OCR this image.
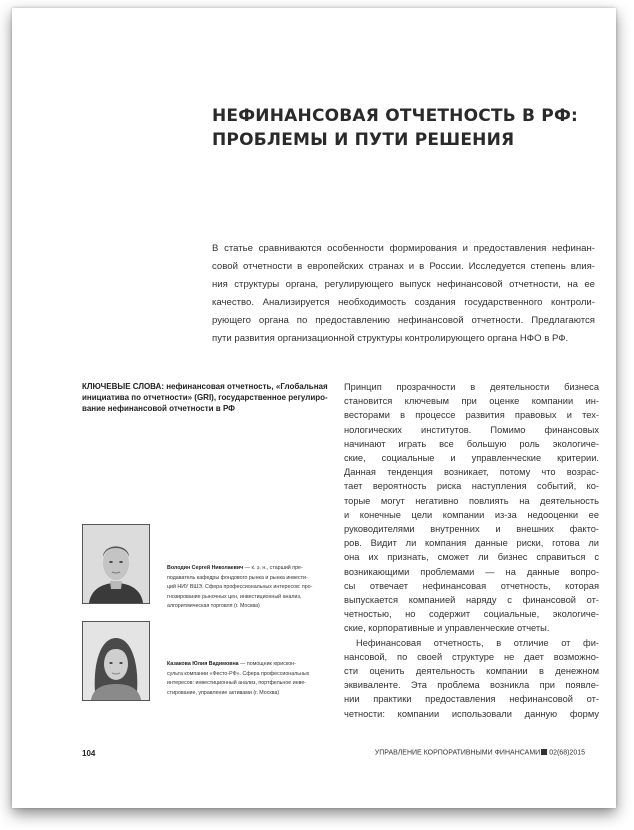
НЕФИНАНСОВАЯ ОТЧЕТНОСТЬ В РФ:
ПРОБЛЕМЫ И ПУТИ РЕШЕНИЯ

В статье сравниваются особенности формирования и предоставления нефинан-
совой отчетности в европейских странах и в России. Исследуется степень влия-
ния структуры органа, регулирующего выпуск нефинансовой отчетности, на ее
качество. Анализируется необходимость создания государственного контроли-
рующего органа по предоставлению нефинансовой отчетности. Предлагаются
пути развития организационной структуры контролирующего органа НФО в РФ.

КЛЮЧЕВЫЕ СЛОВА: нефинансовая отчетность, «Глобальная
инициатива по отчетности» (GRI), государственное регулиро-
вание нефинансовой отчетности в РФ
Володин Сергей Николаевич — к. э. н., старший пре-
подаватель кафедры фондового рынка и рынка инвести-
ций НИУ ВШЭ. Сфера профессиональных интересов: про-
гнозирование рыночных цен, инвестиционный анализ,
алгоритмическая торговля (г. Москва)
Казакова Юлия Вадимовна — помощник юрискон-
сульта компании «Фесто-РФ». Сфера профессиональных
интересов: инвестиционный анализ, портфельное инве-
стирование, управление активами (г. Москва)
Принцип прозрачности в деятельности бизнеса
становится ключевым при оценке компании ин-
весторами в процессе развития правовых и тех-
нологических институтов. Помимо финансовых
начинают играть все большую роль экологиче-
ские, социальные и управленческие критерии.
Данная тенденция возникает, потому что возрас-
тает вероятность риска наступления событий, ко-
торые могут негативно повлиять на деятельность
и конечные цели компании из-за недооценки ее
руководителями внутренних и внешних факто-
ров. Видит ли компания данные риски, готова ли
она их признать, сможет ли бизнес справиться с
возникающими проблемами — на данные вопро-
сы отвечает нефинансовая отчетность, которая
выпускается компанией наряду с финансовой от-
четностью, но содержит социальные, экологиче-
ские, корпоративные и управленческие отчеты.
Нефинансовая отчетность, в отличие от фи-
нансовой, по своей структуре не дает возможно-
сти оценить деятельность компании в денежном
эквиваленте. Эта проблема возникла при появле-
нии практики предоставления нефинансовой от-
четности: компании использовали данную форму
104	УПРАВЛЕНИЕ КОРПОРАТИВНЫМИ ФИНАНСАМИ 02(68)2015
